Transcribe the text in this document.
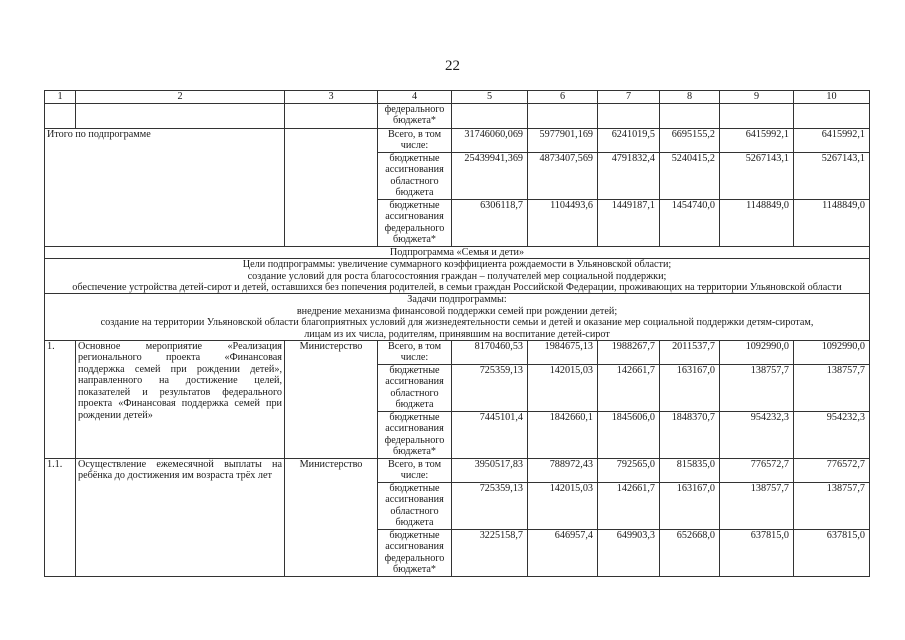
22
1	2	3	4	5	6	7	8	9	10
			федерального бюджета*						
Итого по подпрограмме			Всего, в том числе:	31746060,069	5977901,169	6241019,5	6695155,2	6415992,1	6415992,1
			бюджетные ассигнования областного бюджета	25439941,369	4873407,569	4791832,4	5240415,2	5267143,1	5267143,1
			бюджетные ассигнования федерального бюджета*	6306118,7	1104493,6	1449187,1	1454740,0	1148849,0	1148849,0
Подпрограмма «Семья и дети»									

Цели подпрограммы: увеличение суммарного коэффициента рождаемости в Ульяновской области;
создание условий для роста благосостояния граждан – получателей мер социальной поддержки;
обеспечение устройства детей-сирот и детей, оставшихся без попечения родителей, в семьи граждан Российской Федерации, проживающих на территории Ульяновской области									

Задачи подпрограммы:
внедрение механизма финансовой поддержки семей при рождении детей;
создание на территории Ульяновской области благоприятных условий для жизнедеятельности семьи и детей и оказание мер социальной поддержки детям-сиротам,
лицам из их числа, родителям, принявшим на воспитание детей-сирот									

1.	Основное мероприятие «Реализация регионального проекта «Финансовая поддержка семей при рождении детей», направленного на достижение целей, показателей и результатов федерального проекта «Финансовая поддержка семей при рождении детей»	Министерство	Всего, в том числе:	8170460,53	1984675,13	1988267,7	2011537,7	1092990,0	1092990,0
			бюджетные ассигнования областного бюджета	725359,13	142015,03	142661,7	163167,0	138757,7	138757,7
			бюджетные ассигнования федерального бюджета*	7445101,4	1842660,1	1845606,0	1848370,7	954232,3	954232,3
1.1.	Осуществление ежемесячной выплаты на ребёнка до достижения им возраста трёх лет	Министерство	Всего, в том числе:	3950517,83	788972,43	792565,0	815835,0	776572,7	776572,7
			бюджетные ассигнования областного бюджета	725359,13	142015,03	142661,7	163167,0	138757,7	138757,7
			бюджетные ассигнования федерального бюджета*	3225158,7	646957,4	649903,3	652668,0	637815,0	637815,0
